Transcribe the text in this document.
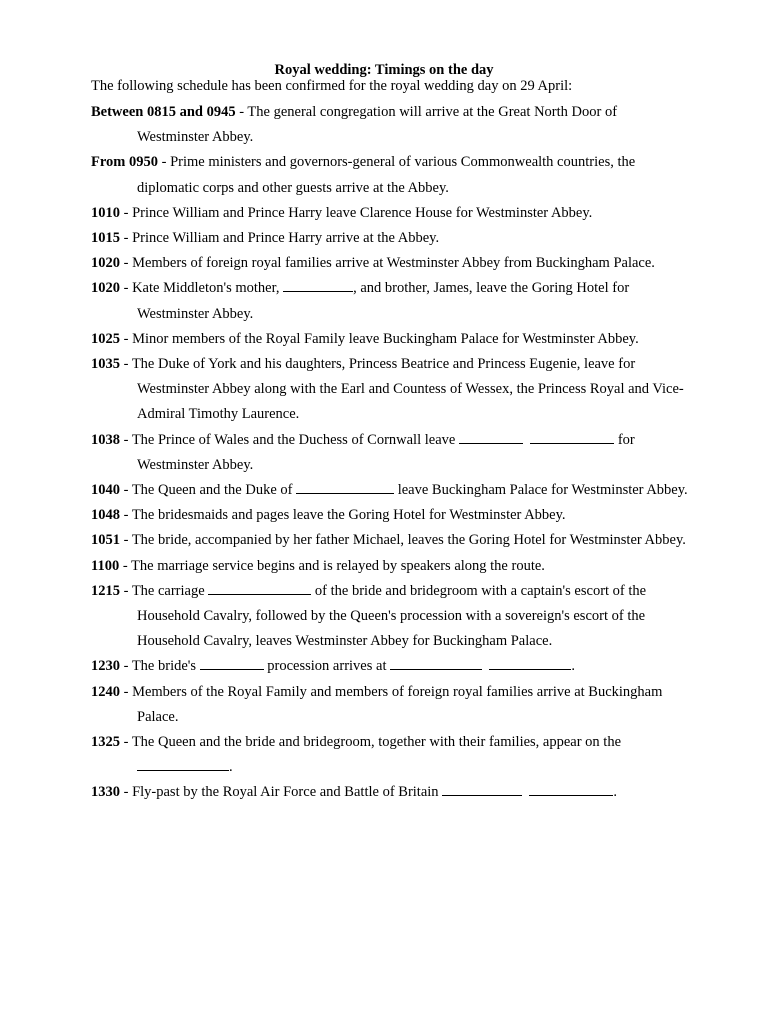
Royal wedding: Timings on the day
The following schedule has been confirmed for the royal wedding day on 29 April:
Between 0815 and 0945 - The general congregation will arrive at the Great North Door of Westminster Abbey.
From 0950 - Prime ministers and governors-general of various Commonwealth countries, the diplomatic corps and other guests arrive at the Abbey.
1010 - Prince William and Prince Harry leave Clarence House for Westminster Abbey.
1015 - Prince William and Prince Harry arrive at the Abbey.
1020 - Members of foreign royal families arrive at Westminster Abbey from Buckingham Palace.
1020 - Kate Middleton's mother,	, and brother, James, leave the Goring Hotel for Westminster Abbey.
1025 - Minor members of the Royal Family leave Buckingham Palace for Westminster Abbey.
1035 - The Duke of York and his daughters, Princess Beatrice and Princess Eugenie, leave for Westminster Abbey along with the Earl and Countess of Wessex, the Princess Royal and Vice-Admiral Timothy Laurence.
1038 - The Prince of Wales and the Duchess of Cornwall leave	for Westminster Abbey.
1040 - The Queen and the Duke of	leave Buckingham Palace for Westminster Abbey.
1048 - The bridesmaids and pages leave the Goring Hotel for Westminster Abbey.
1051 - The bride, accompanied by her father Michael, leaves the Goring Hotel for Westminster Abbey.
1100 - The marriage service begins and is relayed by speakers along the route.
1215 - The carriage	of the bride and bridegroom with a captain's escort of the Household Cavalry, followed by the Queen's procession with a sovereign's escort of the Household Cavalry, leaves Westminster Abbey for Buckingham Palace.
1230 - The bride's	procession arrives at	.
1240 - Members of the Royal Family and members of foreign royal families arrive at Buckingham Palace.
1325 - The Queen and the bride and bridegroom, together with their families, appear on the .
1330 - Fly-past by the Royal Air Force and Battle of Britain	.
